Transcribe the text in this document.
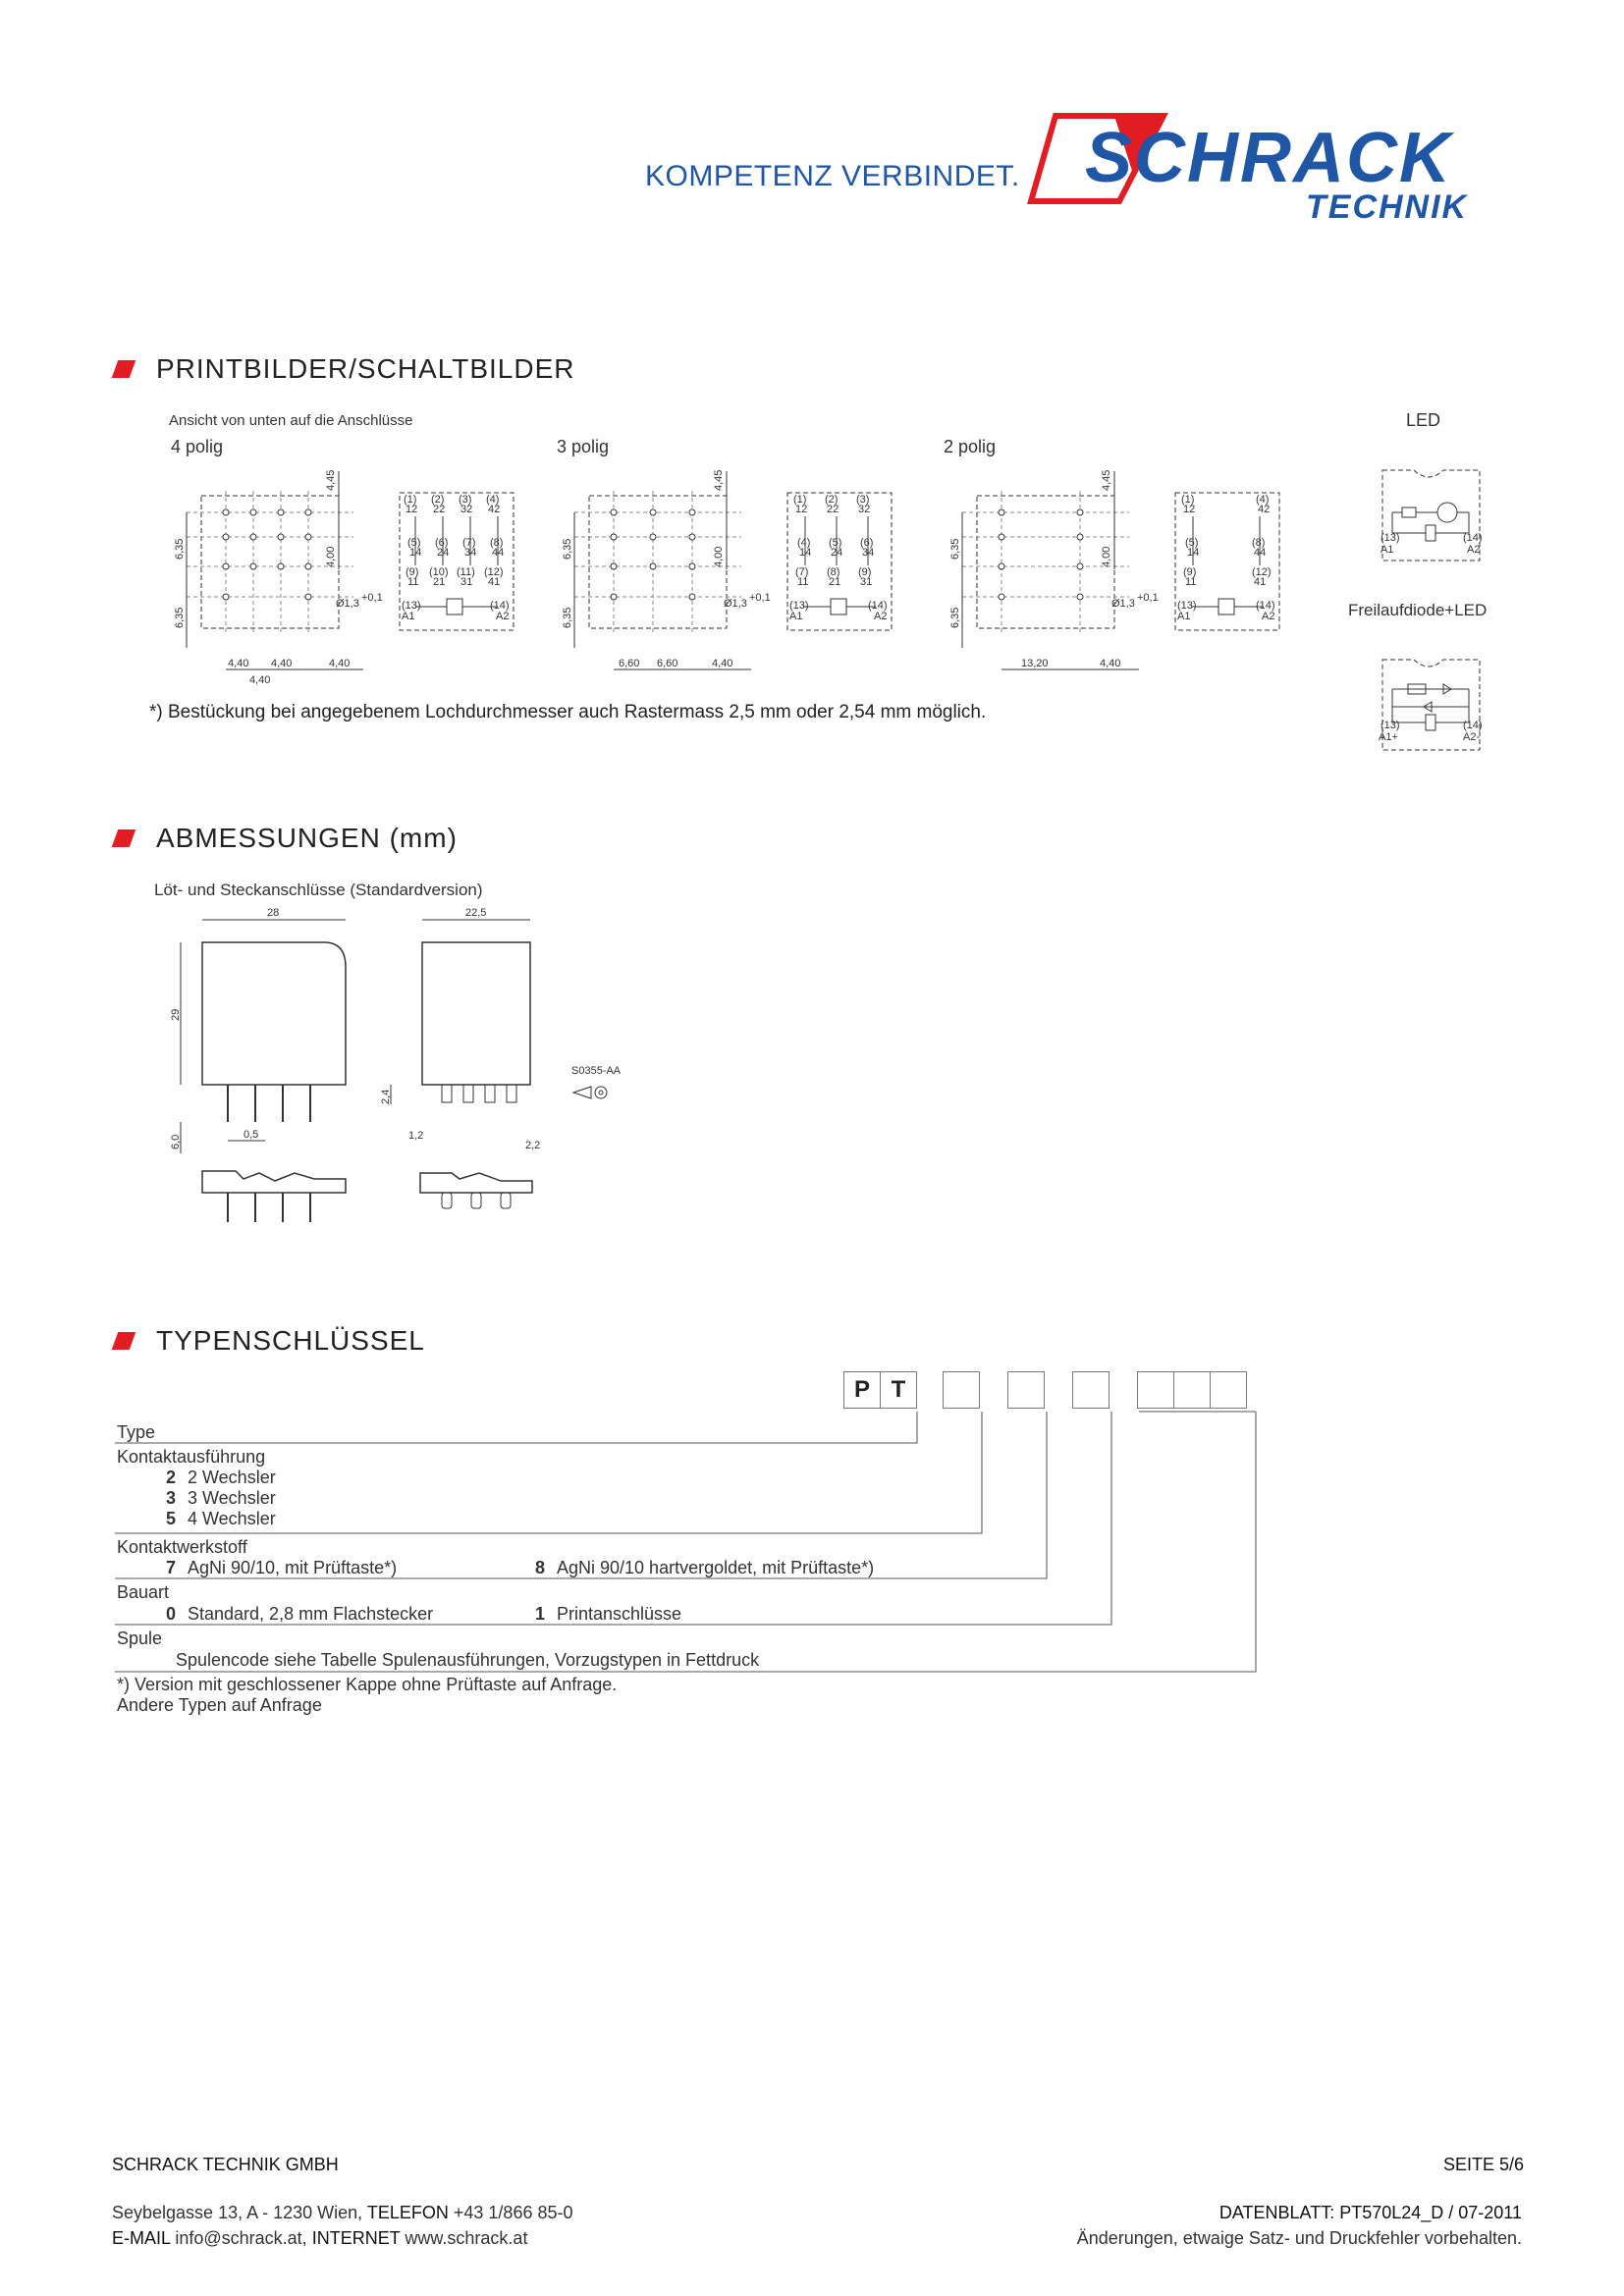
KOMPETENZ VERBINDET. SCHRACK
TECHNIK
PRINTBILDER/SCHALTBILDER
Ansicht von unten auf die Anschlüsse	LED
4 polig	3 polig	2 polig
4,45
4,00
6,35
6,35
Ø1,3 +0,1
4,40 4,40	4,40
4,40
(1) (2) (3) (4)
12 22 32 42
(5) (6) (7) (8)
14 24 34 44
(9) (10) (11) (12)
11 21 31 41
(13)	(14)
A1	A2
4,45
4,00
6,35
6,35
Ø1,3 +0,1
6,60 6,60	4,40
(1) (2) (3)
12 22 32
(4) (5) (6)
14 24 34
(7) (8) (9)
11 21 31
(13)	(14)
A1	A2
4,45
4,00
6,35
6,35
Ø1,3 +0,1
13,20	4,40
(1)	(4)
12	42
(5)	(8)
14	44
(9)	(12)
11	41
(13)	(14)
A1	A2
(13)	(14)
A1	A2
Freilaufdiode+LED
(13)	(14)
A1+	A2-
*) Bestückung bei angegebenem Lochdurchmesser auch Rastermass 2,5 mm oder 2,54 mm möglich.
ABMESSUNGEN (mm)
Löt- und Steckanschlüsse (Standardversion)
28
29
6,0	0,5
22,5
2,4
1,2
2,2
S0355-AA
TYPENSCHLÜSSEL
P T
Type
Kontaktausführung
2 2 Wechsler
3 3 Wechsler
5 4 Wechsler
Kontaktwerkstoff
7 AgNi 90/10, mit Prüftaste*)	8 AgNi 90/10 hartvergoldet, mit Prüftaste*)
Bauart
0 Standard, 2,8 mm Flachstecker	1 Printanschlüsse
Spule
Spulencode siehe Tabelle Spulenausführungen, Vorzugstypen in Fettdruck
*) Version mit geschlossener Kappe ohne Prüftaste auf Anfrage.
Andere Typen auf Anfrage
SCHRACK TECHNIK GMBH	SEITE 5/6
Seybelgasse 13, A - 1230 Wien, TELEFON +43 1/866 85-0
E-MAIL info@schrack.at, INTERNET www.schrack.at
DATENBLATT: PT570L24_D / 07-2011
Änderungen, etwaige Satz- und Druckfehler vorbehalten.
